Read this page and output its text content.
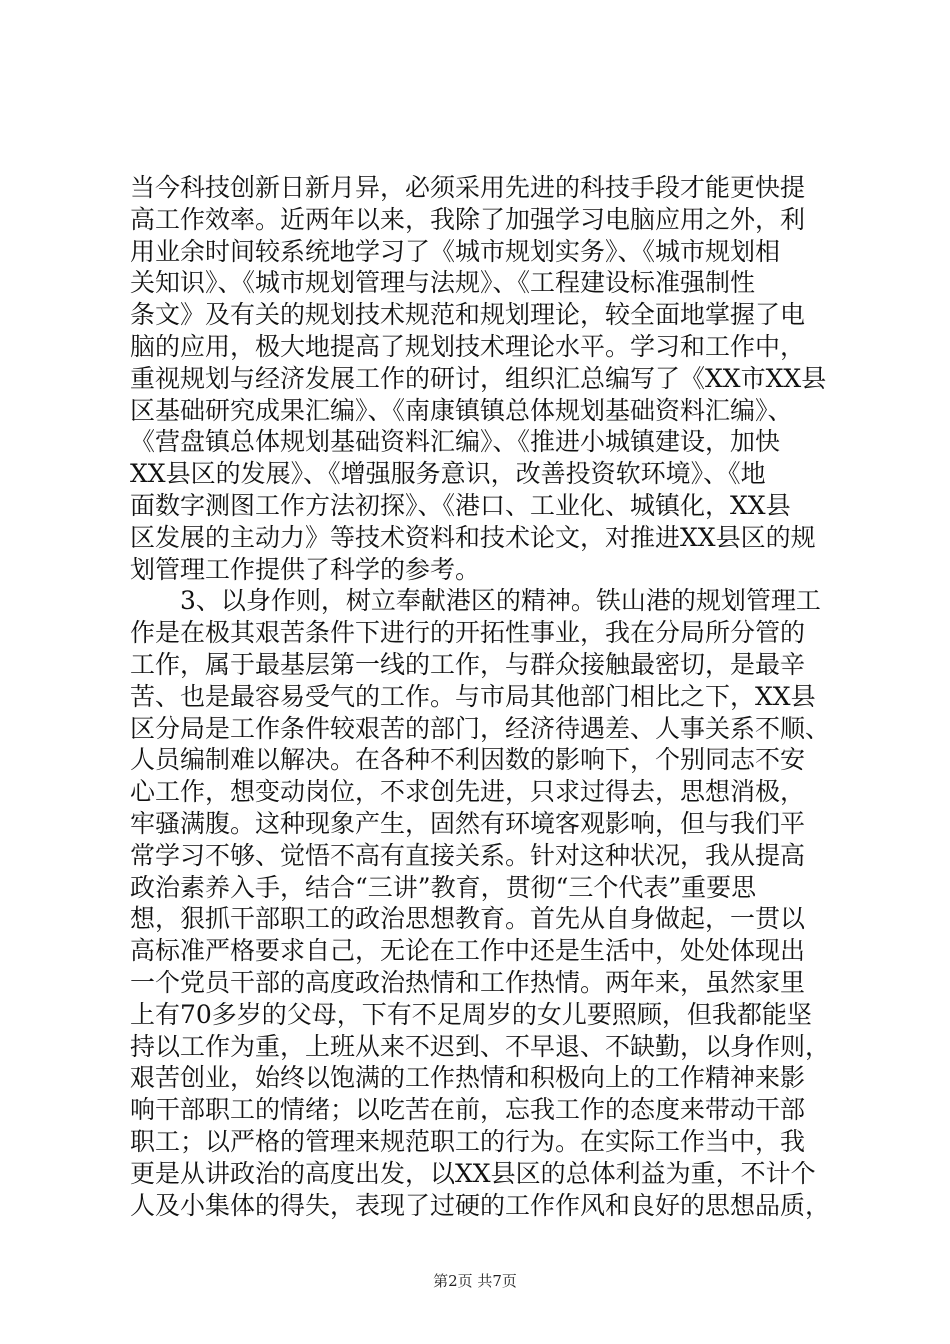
当今科技创新日新月异，必须采用先进的科技手段才能更快提
高工作效率。近两年以来，我除了加强学习电脑应用之外，利
用业余时间较系统地学习了《城市规划实务》、《城市规划相
关知识》、《城市规划管理与法规》、《工程建设标准强制性
条文》及有关的规划技术规范和规划理论，较全面地掌握了电
脑的应用，极大地提高了规划技术理论水平。学习和工作中，
重视规划与经济发展工作的研讨，组织汇总编写了《XX市XX县
区基础研究成果汇编》、《南康镇镇总体规划基础资料汇编》、
《营盘镇总体规划基础资料汇编》、《推进小城镇建设，加快
XX县区的发展》、《增强服务意识，改善投资软环境》、《地
面数字测图工作方法初探》、《港口、工业化、城镇化，XX县
区发展的主动力》等技术资料和技术论文，对推进XX县区的规
划管理工作提供了科学的参考。
　　3、以身作则，树立奉献港区的精神。铁山港的规划管理工
作是在极其艰苦条件下进行的开拓性事业，我在分局所分管的
工作，属于最基层第一线的工作，与群众接触最密切，是最辛
苦、也是最容易受气的工作。与市局其他部门相比之下，XX县
区分局是工作条件较艰苦的部门，经济待遇差、人事关系不顺、
人员编制难以解决。在各种不利因数的影响下，个别同志不安
心工作，想变动岗位，不求创先进，只求过得去，思想消极，
牢骚满腹。这种现象产生，固然有环境客观影响，但与我们平
常学习不够、觉悟不高有直接关系。针对这种状况，我从提高
政治素养入手，结合“三讲”教育，贯彻“三个代表”重要思
想，狠抓干部职工的政治思想教育。首先从自身做起，一贯以
高标准严格要求自己，无论在工作中还是生活中，处处体现出
一个党员干部的高度政治热情和工作热情。两年来，虽然家里
上有70多岁的父母，下有不足周岁的女儿要照顾，但我都能坚
持以工作为重，上班从来不迟到、不早退、不缺勤，以身作则，
艰苦创业，始终以饱满的工作热情和积极向上的工作精神来影
响干部职工的情绪；以吃苦在前，忘我工作的态度来带动干部
职工；以严格的管理来规范职工的行为。在实际工作当中，我
更是从讲政治的高度出发，以XX县区的总体利益为重，不计个
人及小集体的得失，表现了过硬的工作作风和良好的思想品质，
第2页 共7页
